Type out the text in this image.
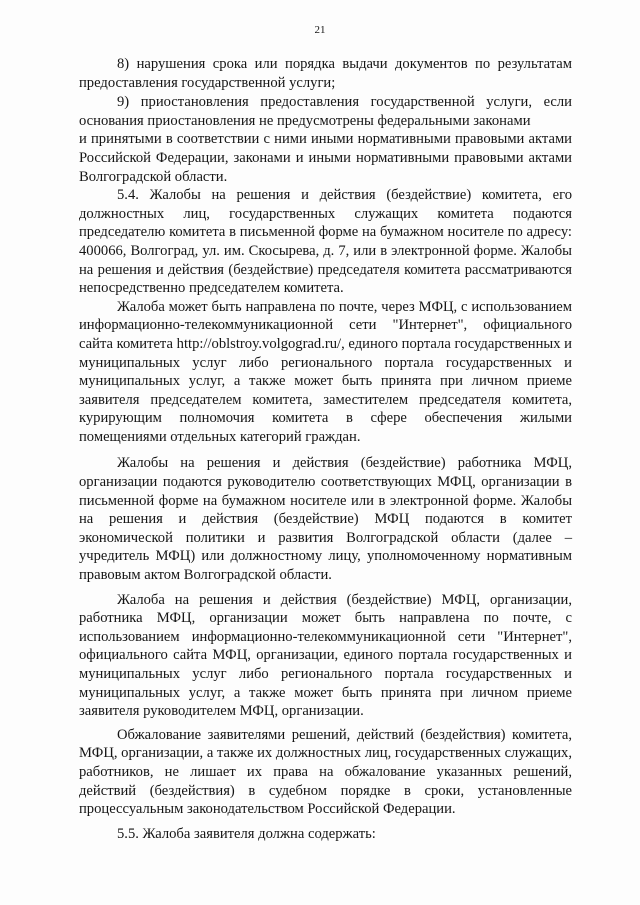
21

8) нарушения срока или порядка выдачи документов по результатам предоставления государственной услуги;

9) приостановления предоставления государственной услуги, если основания приостановления не предусмотрены федеральными законами

и принятыми в соответствии с ними иными нормативными правовыми актами Российской Федерации, законами и иными нормативными правовыми актами Волгоградской области.

5.4. Жалобы на решения и действия (бездействие) комитета, его должностных лиц, государственных служащих комитета подаются председателю комитета в письменной форме на бумажном носителе по адресу: 400066, Волгоград, ул. им. Скосырева, д. 7, или в электронной форме. Жалобы на решения и действия (бездействие) председателя комитета рассматриваются непосредственно председателем комитета.

Жалоба может быть направлена по почте, через МФЦ, с использованием информационно-телекоммуникационной сети "Интернет", официального сайта комитета http://oblstroy.volgograd.ru/, единого портала государственных и муниципальных услуг либо регионального портала государственных и муниципальных услуг, а также может быть принята при личном приеме заявителя председателем комитета, заместителем председателя комитета, курирующим полномочия комитета в сфере обеспечения жилыми помещениями отдельных категорий граждан.

Жалобы на решения и действия (бездействие) работника МФЦ, организации подаются руководителю соответствующих МФЦ, организации в письменной форме на бумажном носителе или в электронной форме. Жалобы на решения и действия (бездействие) МФЦ подаются в комитет экономической политики и развития Волгоградской области (далее – учредитель МФЦ) или должностному лицу, уполномоченному нормативным правовым актом Волгоградской области.

Жалоба на решения и действия (бездействие) МФЦ, организации, работника МФЦ, организации может быть направлена по почте, с использованием информационно-телекоммуникационной сети "Интернет", официального сайта МФЦ, организации, единого портала государственных и муниципальных услуг либо регионального портала государственных и муниципальных услуг, а также может быть принята при личном приеме заявителя руководителем МФЦ, организации.

Обжалование заявителями решений, действий (бездействия) комитета, МФЦ, организации, а также их должностных лиц, государственных служащих, работников, не лишает их права на обжалование указанных решений, действий (бездействия) в судебном порядке в сроки, установленные процессуальным законодательством Российской Федерации.

5.5. Жалоба заявителя должна содержать:
